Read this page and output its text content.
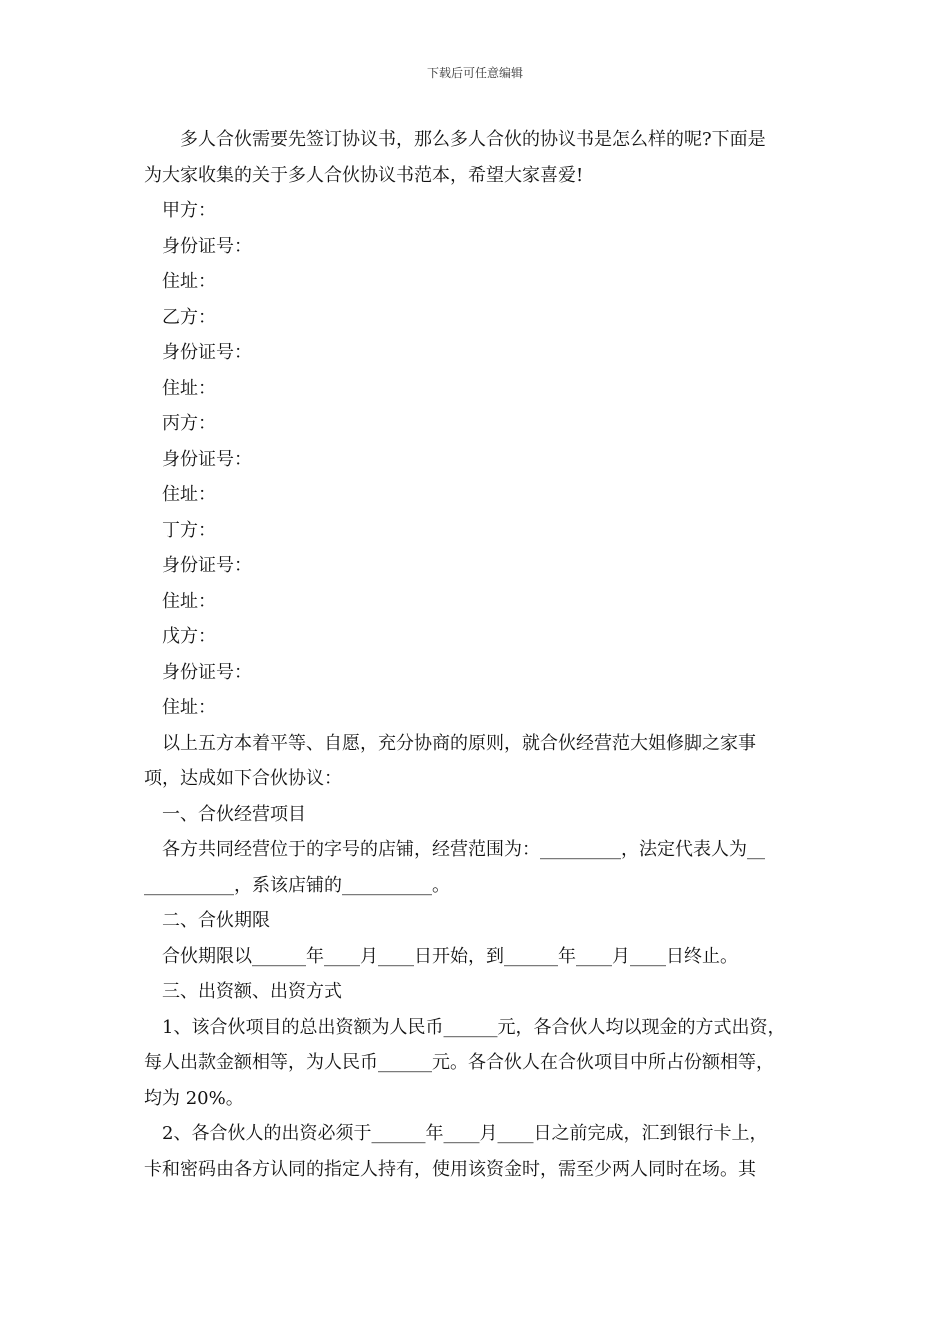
下载后可任意编辑

多人合伙需要先签订协议书，那么多人合伙的协议书是怎么样的呢?下面是

为大家收集的关于多人合伙协议书范本，希望大家喜爱!

甲方：

身份证号：

住址：

乙方：

身份证号：

住址：

丙方：

身份证号：

住址：

丁方：

身份证号：

住址：

戊方：

身份证号：

住址：

以上五方本着平等、自愿，充分协商的原则，就合伙经营范大姐修脚之家事

项，达成如下合伙协议：

一、合伙经营项目

各方共同经营位于的字号的店铺，经营范围为：_________，法定代表人为__

__________，系该店铺的__________。

二、合伙期限

合伙期限以______年____月____日开始，到______年____月____日终止。

三、出资额、出资方式

1、该合伙项目的总出资额为人民币______元，各合伙人均以现金的方式出资，

每人出款金额相等，为人民币______元。各合伙人在合伙项目中所占份额相等，

均为 20%。

2、各合伙人的出资必须于______年____月____日之前完成，汇到银行卡上，

卡和密码由各方认同的指定人持有，使用该资金时，需至少两人同时在场。其
